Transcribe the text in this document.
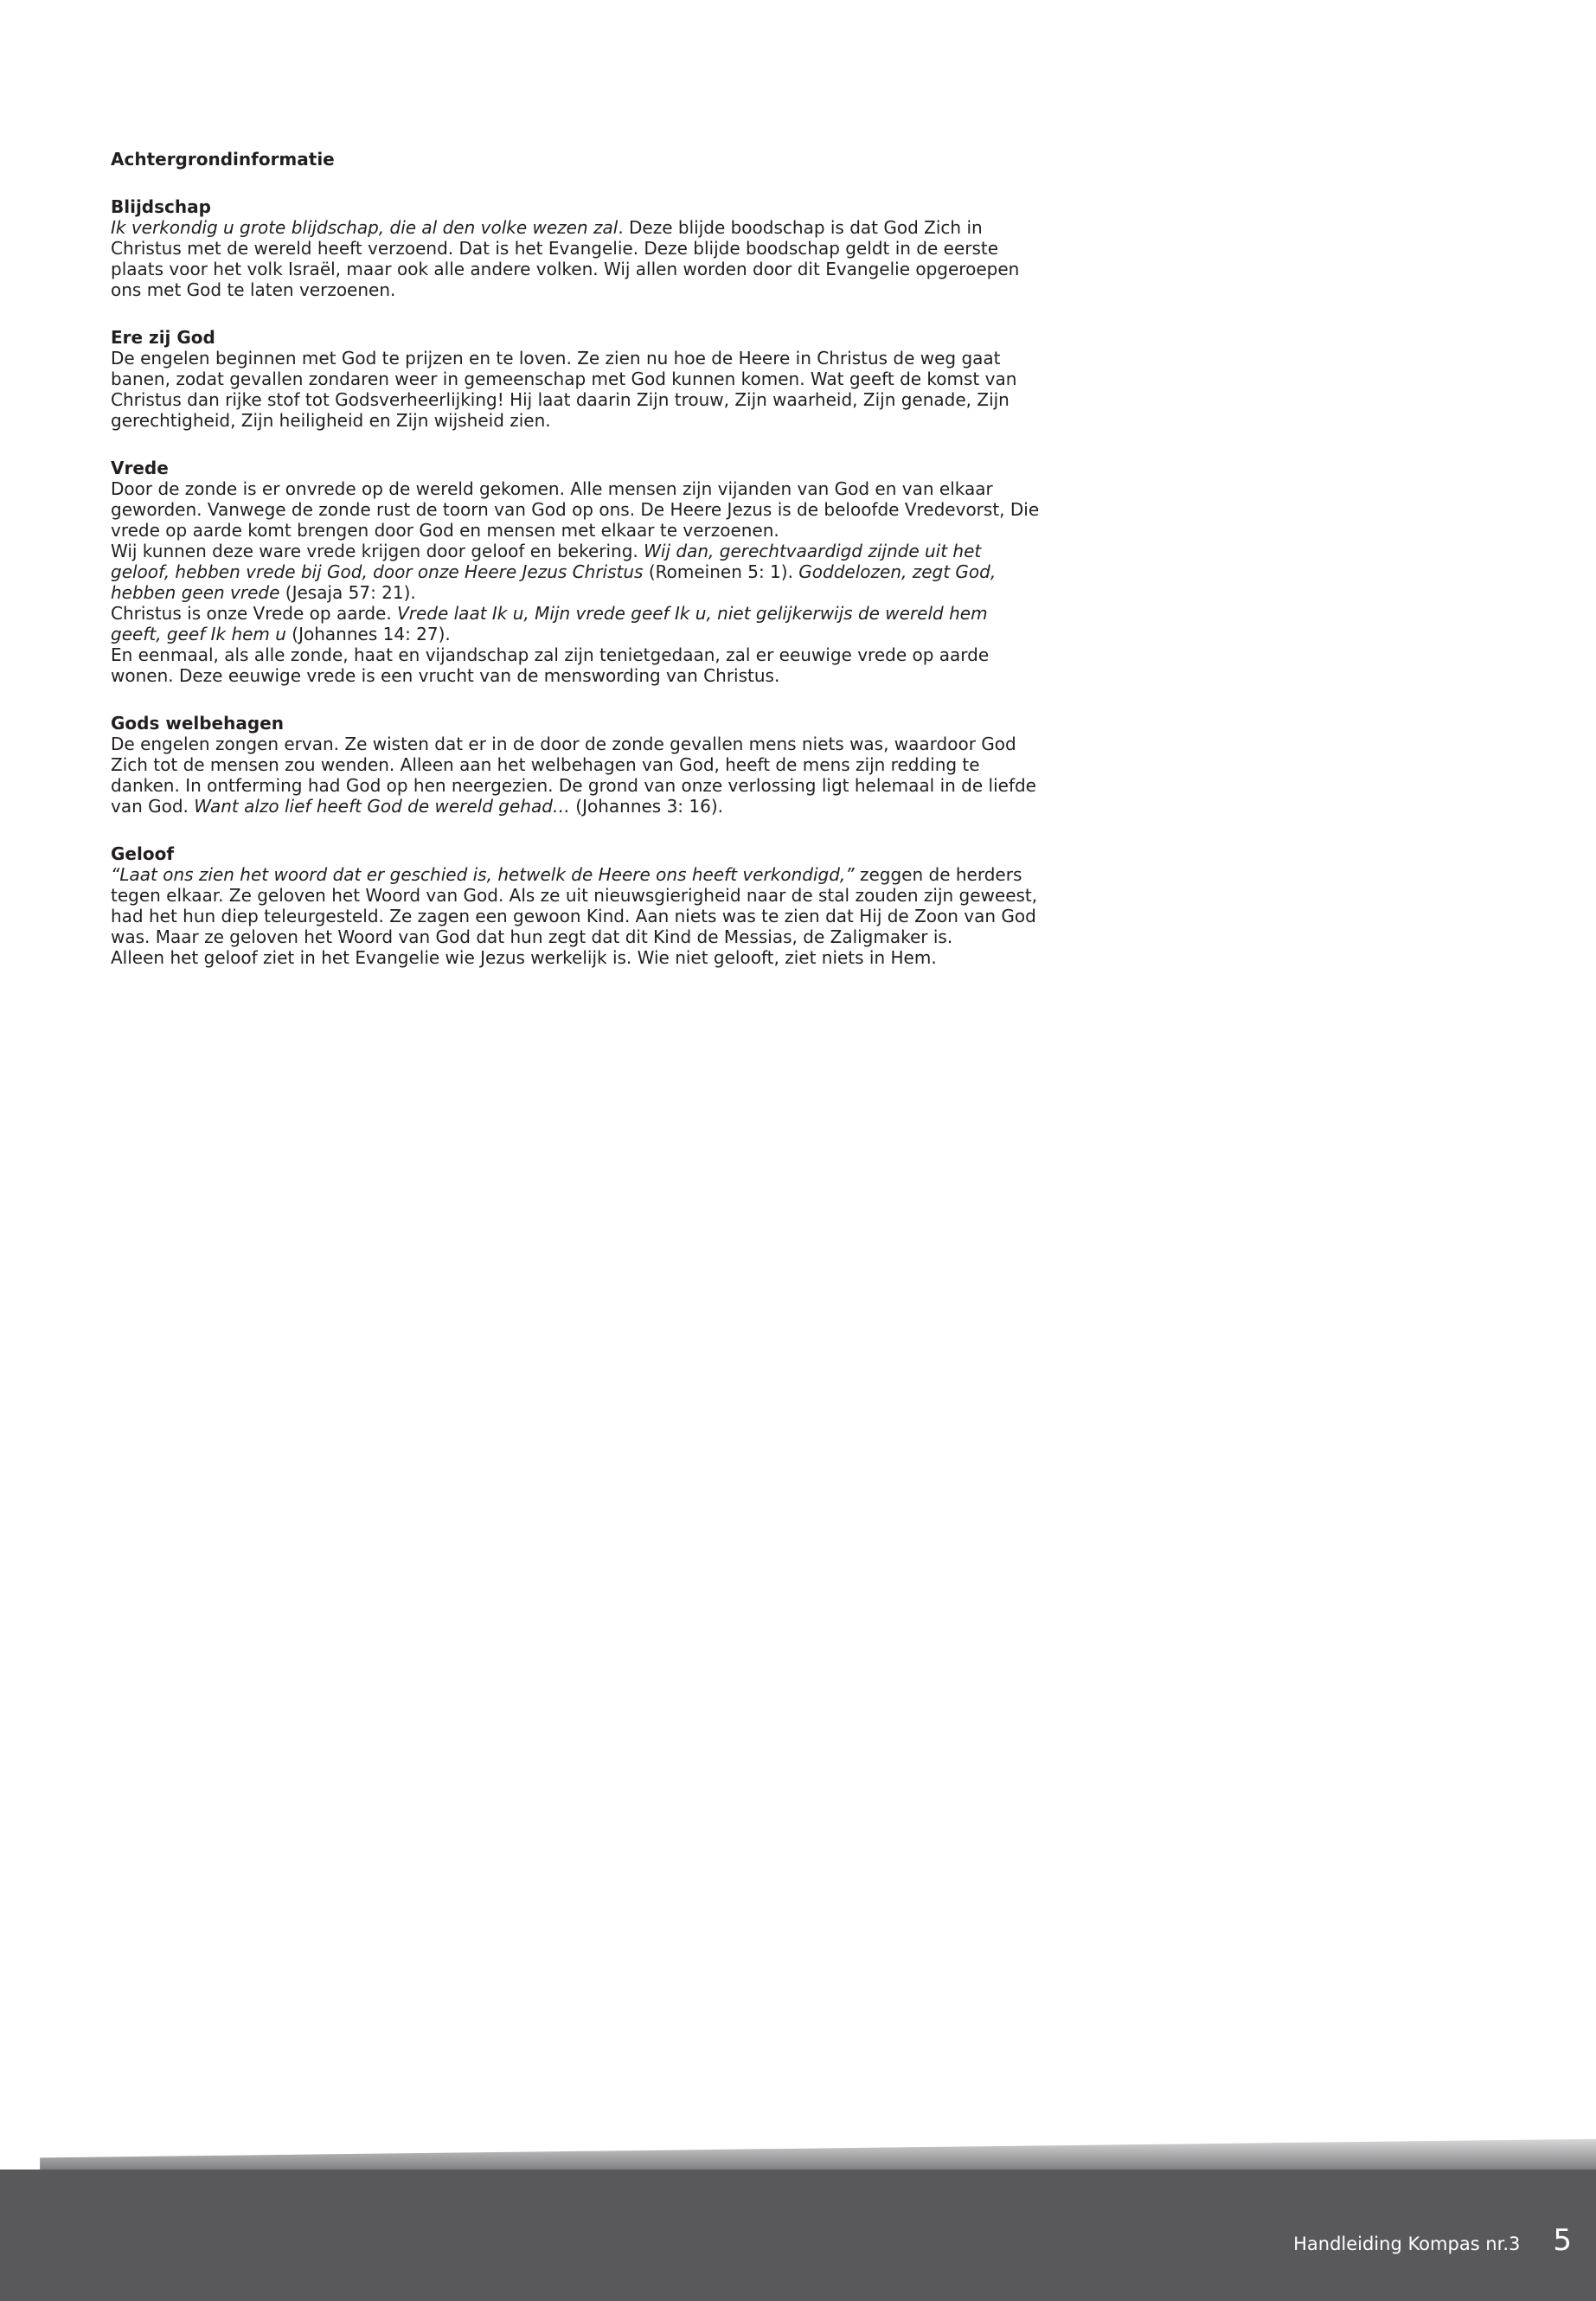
Achtergrondinformatie
Blijdschap

Ik verkondig u grote blijdschap, die al den volke wezen zal. Deze blijde boodschap is dat God Zich in Christus met de wereld heeft verzoend. Dat is het Evangelie. Deze blijde boodschap geldt in de eerste plaats voor het volk Israël, maar ook alle andere volken. Wij allen worden door dit Evangelie opgeroepen ons met God te laten verzoenen.

Ere zij God

De engelen beginnen met God te prijzen en te loven. Ze zien nu hoe de Heere in Christus de weg gaat banen, zodat gevallen zondaren weer in gemeenschap met God kunnen komen. Wat geeft de komst van Christus dan rijke stof tot Godsverheerlijking! Hij laat daarin Zijn trouw, Zijn waarheid, Zijn genade, Zijn gerechtigheid, Zijn heiligheid en Zijn wijsheid zien.

Vrede

Door de zonde is er onvrede op de wereld gekomen. Alle mensen zijn vijanden van God en van elkaar geworden. Vanwege de zonde rust de toorn van God op ons. De Heere Jezus is de beloofde Vredevorst, Die vrede op aarde komt brengen door God en mensen met elkaar te verzoenen.

Wij kunnen deze ware vrede krijgen door geloof en bekering. Wij dan, gerechtvaardigd zijnde uit het geloof, hebben vrede bij God, door onze Heere Jezus Christus (Romeinen 5: 1). Goddelozen, zegt God, hebben geen vrede (Jesaja 57: 21).

Christus is onze Vrede op aarde. Vrede laat Ik u, Mijn vrede geef Ik u, niet gelijkerwijs de wereld hem geeft, geef Ik hem u (Johannes 14: 27).

En eenmaal, als alle zonde, haat en vijandschap zal zijn tenietgedaan, zal er eeuwige vrede op aarde wonen. Deze eeuwige vrede is een vrucht van de menswording van Christus.

Gods welbehagen

De engelen zongen ervan. Ze wisten dat er in de door de zonde gevallen mens niets was, waardoor God Zich tot de mensen zou wenden. Alleen aan het welbehagen van God, heeft de mens zijn redding te danken. In ontferming had God op hen neergezien. De grond van onze verlossing ligt helemaal in de liefde van God. Want alzo lief heeft God de wereld gehad… (Johannes 3: 16).

Geloof

“Laat ons zien het woord dat er geschied is, hetwelk de Heere ons heeft verkondigd,” zeggen de herders tegen elkaar. Ze geloven het Woord van God. Als ze uit nieuwsgierigheid naar de stal zouden zijn geweest, had het hun diep teleurgesteld. Ze zagen een gewoon Kind. Aan niets was te zien dat Hij de Zoon van God was. Maar ze geloven het Woord van God dat hun zegt dat dit Kind de Messias, de Zaligmaker is.

Alleen het geloof ziet in het Evangelie wie Jezus werkelijk is. Wie niet gelooft, ziet niets in Hem.

Handleiding Kompas nr.3 5
